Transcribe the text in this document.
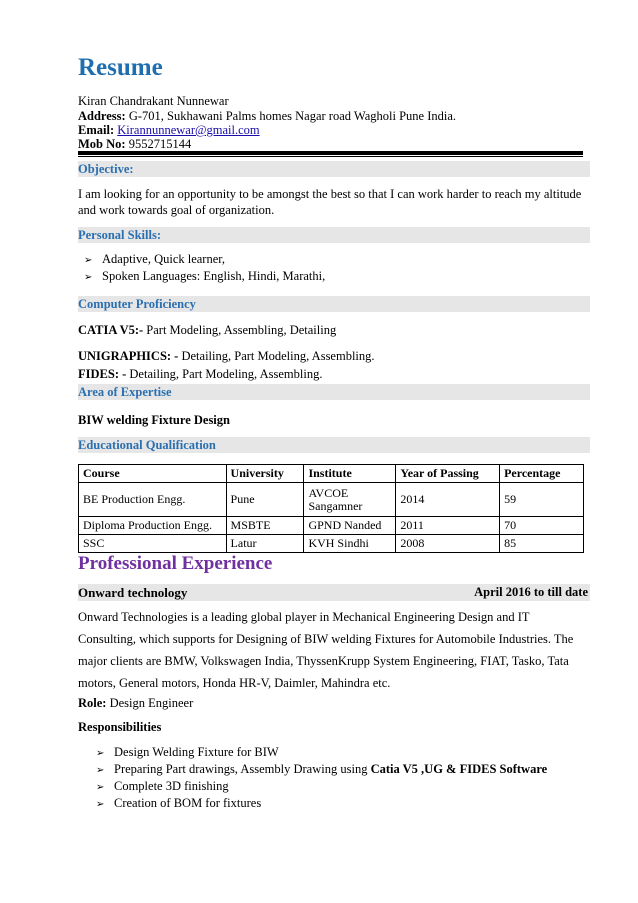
Resume
Kiran Chandrakant Nunnewar
Address: G-701, Sukhawani Palms homes Nagar road Wagholi Pune India.
Email: Kirannunnewar@gmail.com
Mob No: 9552715144
Objective:
I am looking for an opportunity to be amongst the best so that I can work harder to reach my altitude and work towards goal of organization.
Personal Skills:
➢ Adaptive, Quick learner,
➢ Spoken Languages: English, Hindi, Marathi,
Computer Proficiency
CATIA V5:- Part Modeling, Assembling, Detailing
UNIGRAPHICS: - Detailing, Part Modeling, Assembling.
FIDES: - Detailing, Part Modeling, Assembling.
Area of Expertise
BIW welding Fixture Design
Educational Qualification
Course	University	Institute	Year of Passing	Percentage
BE Production Engg.	Pune	AVCOE Sangamner	2014	59
Diploma Production Engg.	MSBTE	GPND Nanded	2011	70
SSC	Latur	KVH Sindhi	2008	85
Professional Experience
Onward technology	April 2016 to till date
Onward Technologies is a leading global player in Mechanical Engineering Design and IT Consulting, which supports for Designing of BIW welding Fixtures for Automobile Industries. The major clients are BMW, Volkswagen India, ThyssenKrupp System Engineering, FIAT, Tasko, Tata motors, General motors, Honda HR-V, Daimler, Mahindra etc.
Role: Design Engineer
Responsibilities
➢ Design Welding Fixture for BIW
➢ Preparing Part drawings, Assembly Drawing using Catia V5 ,UG & FIDES Software
➢ Complete 3D finishing
➢ Creation of BOM for fixtures
